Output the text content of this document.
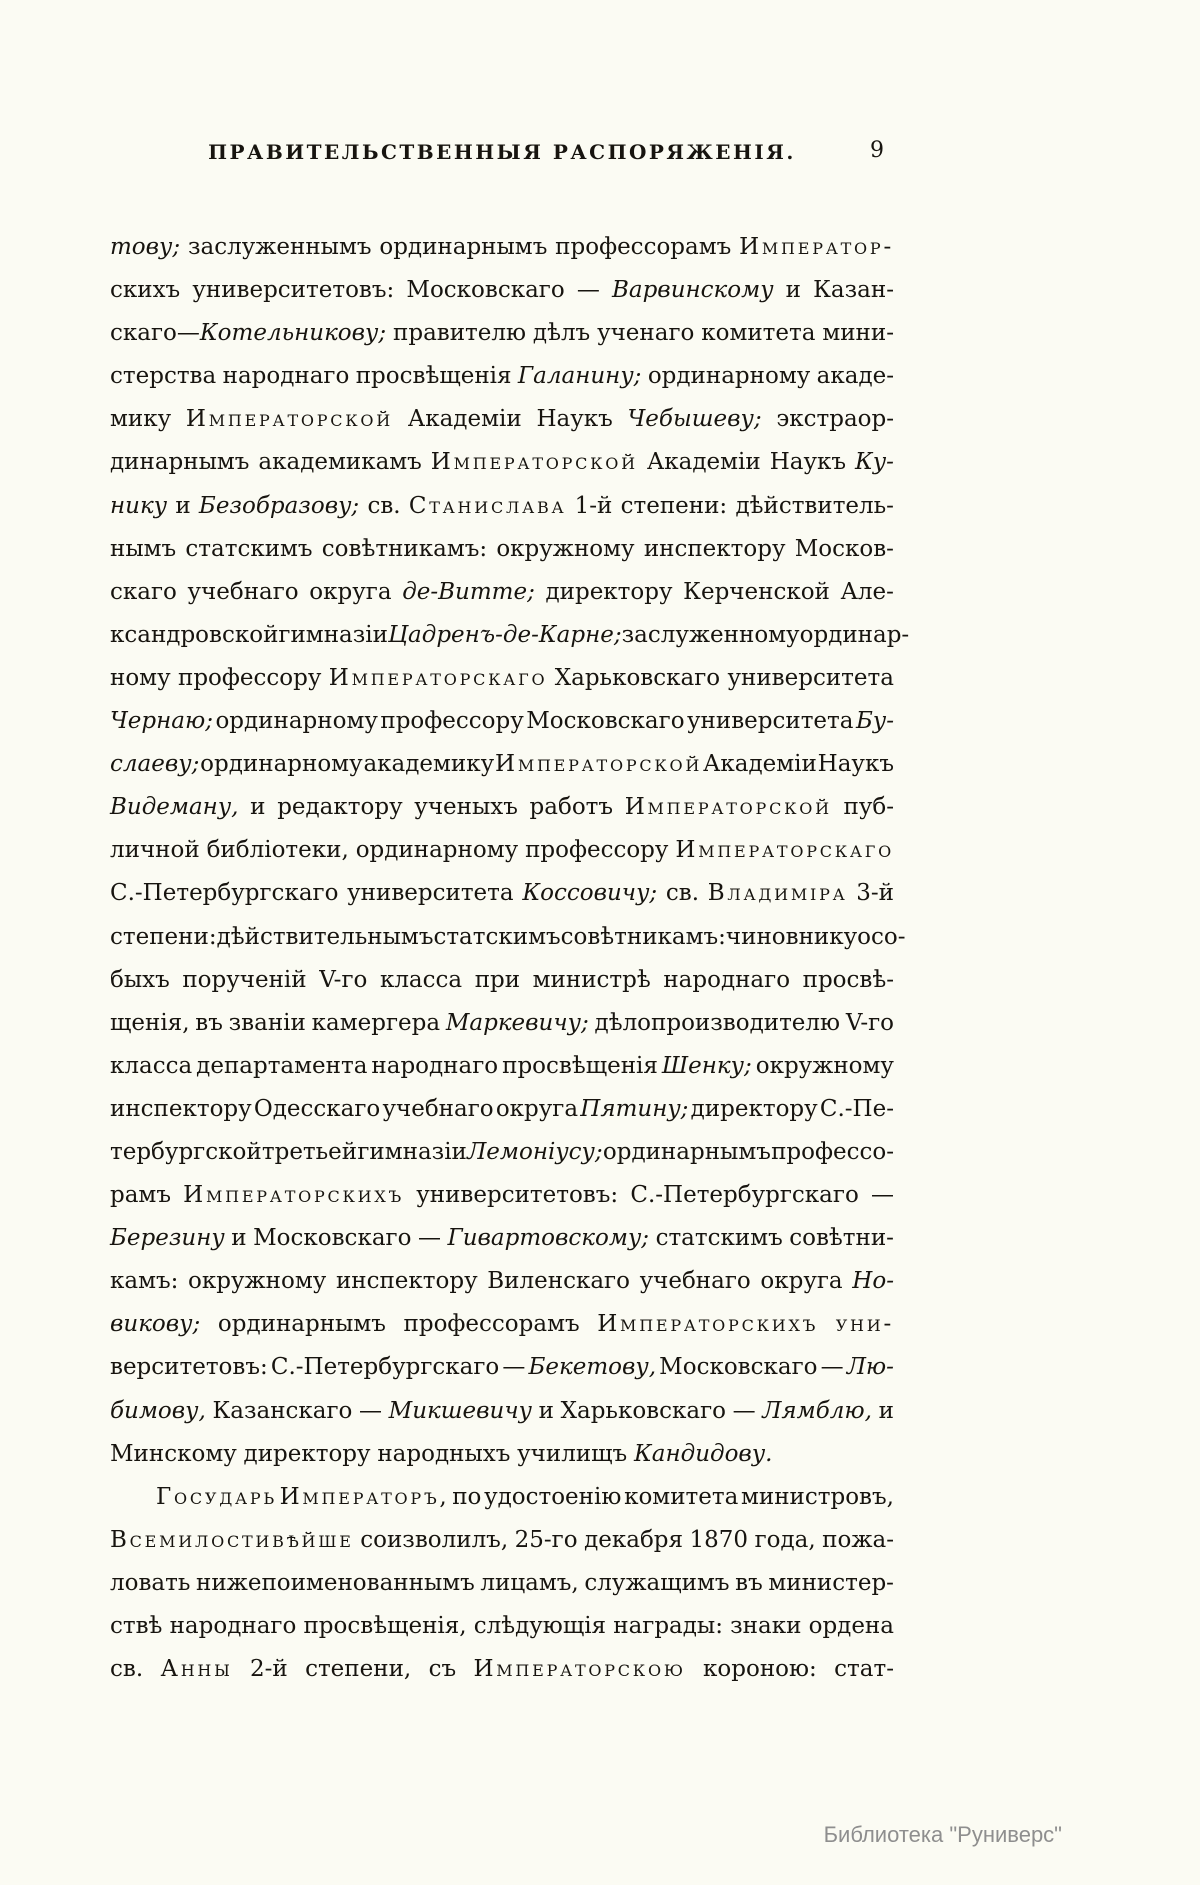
ПРАВИТЕЛЬСТВЕННЫЯ РАСПОРЯЖЕНІЯ.	9
тову; заслуженнымъ ординарнымъ профессорамъ Император-
скихъ университетовъ: Московскаго — Варвинскому и Казан-
скаго—Котельникову; правителю дѣлъ ученаго комитета мини-
стерства народнаго просвѣщенія Галанину; ординарному акаде-
мику Императорской Академіи Наукъ Чебышеву; экстраор-
динарнымъ академикамъ Императорской Академіи Наукъ Ку-
нику и Безобразову; св. Станислава 1-й степени: дѣйствитель-
нымъ статскимъ совѣтникамъ: окружному инспектору Москов-
скаго учебнаго округа де-Витте; директору Керченской Але-
ксандровской гимназіи Цадренъ-де-Карне; заслуженному ординар-
ному профессору Императорскаго Харьковскаго университета
Чернаю; ординарному профессору Московскаго университета Бу-
слаеву; ординарному академику Императорской Академіи Наукъ
Видеману, и редактору ученыхъ работъ Императорской пуб-
личной библіотеки, ординарному профессору Императорскаго
С.-Петербургскаго университета Коссовичу; св. Владиміра 3-й
степени: дѣйствительнымъ статскимъ совѣтникамъ: чиновнику осо-
быхъ порученій V-го класса при министрѣ народнаго просвѣ-
щенія, въ званіи камергера Маркевичу; дѣлопроизводителю V-го
класса департамента народнаго просвѣщенія Шенку; окружному
инспектору Одесскаго учебнаго округа Пятину; директору С.-Пе-
тербургской третьей гимназіи Лемоніусу; ординарнымъ профессо-
рамъ Императорскихъ университетовъ: С.-Петербургскаго —
Березину и Московскаго — Гивартовскому; статскимъ совѣтни-
камъ: окружному инспектору Виленскаго учебнаго округа Но-
викову; ординарнымъ профессорамъ Императорскихъ уни-
верситетовъ: С.-Петербургскаго — Бекетову, Московскаго — Лю-
бимову, Казанскаго — Микшевичу и Харьковскаго — Лямблю, и
Минскому директору народныхъ училищъ Кандидову.
Государь Императоръ, по удостоенію комитета министровъ,
Всемилостивѣйше соизволилъ, 25-го декабря 1870 года, пожа-
ловать нижепоименованнымъ лицамъ, служащимъ въ министер-
ствѣ народнаго просвѣщенія, слѣдующія награды: знаки ордена
св. Анны 2-й степени, съ Императорскою короною: стат-
Библиотека "Руниверс"
